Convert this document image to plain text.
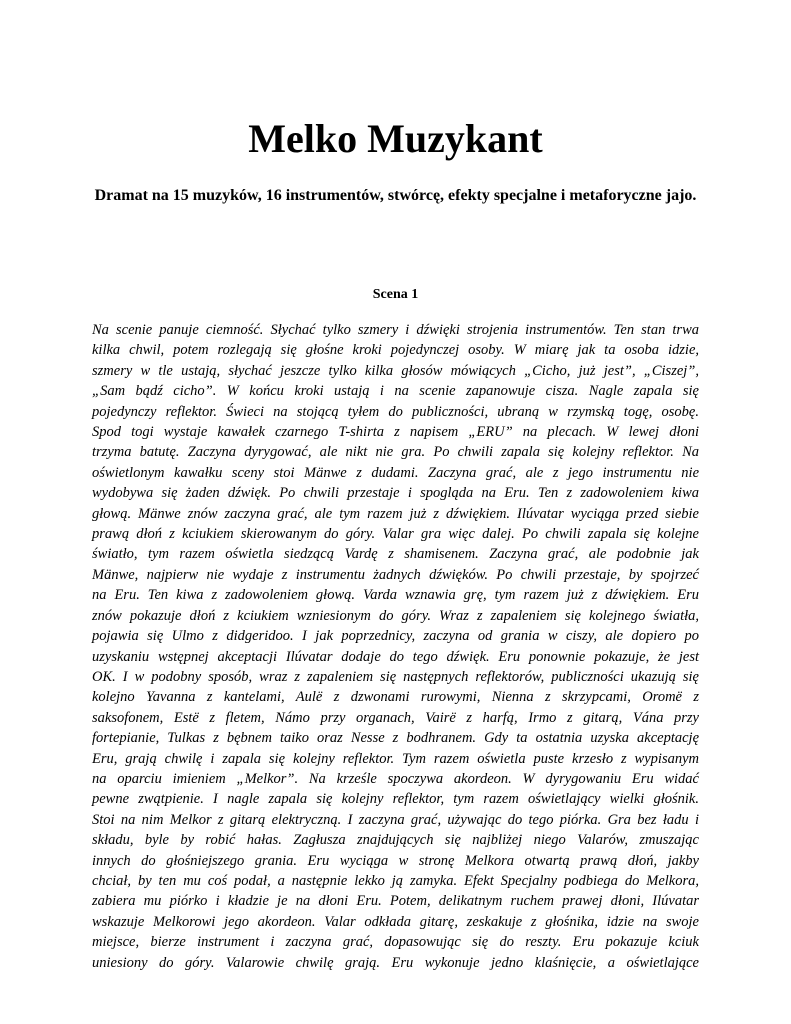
Melko Muzykant

Dramat na 15 muzyków, 16 instrumentów, stwórcę, efekty specjalne i metaforyczne jajo.

Scena 1

Na scenie panuje ciemność. Słychać tylko szmery i dźwięki strojenia instrumentów. Ten stan trwa
kilka chwil, potem rozlegają się głośne kroki pojedynczej osoby. W miarę jak ta osoba idzie,
szmery w tle ustają, słychać jeszcze tylko kilka głosów mówiących „Cicho, już jest”, „Ciszej”,
„Sam bądź cicho”. W końcu kroki ustają i na scenie zapanowuje cisza. Nagle zapala się
pojedynczy reflektor. Świeci na stojącą tyłem do publiczności, ubraną w rzymską togę, osobę.
Spod togi wystaje kawałek czarnego T-shirta z napisem „ERU” na plecach. W lewej dłoni
trzyma batutę. Zaczyna dyrygować, ale nikt nie gra. Po chwili zapala się kolejny reflektor. Na
oświetlonym kawałku sceny stoi Mänwe z dudami. Zaczyna grać, ale z jego instrumentu nie
wydobywa się żaden dźwięk. Po chwili przestaje i spogląda na Eru. Ten z zadowoleniem kiwa
głową. Mänwe znów zaczyna grać, ale tym razem już z dźwiękiem. Ilúvatar wyciąga przed siebie
prawą dłoń z kciukiem skierowanym do góry. Valar gra więc dalej. Po chwili zapala się kolejne
światło, tym razem oświetla siedzącą Vardę z shamisenem. Zaczyna grać, ale podobnie jak
Mänwe, najpierw nie wydaje z instrumentu żadnych dźwięków. Po chwili przestaje, by spojrzeć
na Eru. Ten kiwa z zadowoleniem głową. Varda wznawia grę, tym razem już z dźwiękiem. Eru
znów pokazuje dłoń z kciukiem wzniesionym do góry. Wraz z zapaleniem się kolejnego światła,
pojawia się Ulmo z didgeridoo. I jak poprzednicy, zaczyna od grania w ciszy, ale dopiero po
uzyskaniu wstępnej akceptacji Ilúvatar dodaje do tego dźwięk. Eru ponownie pokazuje, że jest
OK. I w podobny sposób, wraz z zapaleniem się następnych reflektorów, publiczności ukazują się
kolejno Yavanna z kantelami, Aulë z dzwonami rurowymi, Nienna z skrzypcami, Oromë z
saksofonem, Estë z fletem, Námo przy organach, Vairë z harfą, Irmo z gitarą, Vána przy
fortepianie, Tulkas z bębnem taiko oraz Nesse z bodhranem. Gdy ta ostatnia uzyska akceptację
Eru, grają chwilę i zapala się kolejny reflektor. Tym razem oświetla puste krzesło z wypisanym
na oparciu imieniem „Melkor”. Na krześle spoczywa akordeon. W dyrygowaniu Eru widać
pewne zwątpienie. I nagle zapala się kolejny reflektor, tym razem oświetlający wielki głośnik.
Stoi na nim Melkor z gitarą elektryczną. I zaczyna grać, używając do tego piórka. Gra bez ładu i
składu, byle by robić hałas. Zagłusza znajdujących się najbliżej niego Valarów, zmuszając
innych do głośniejszego grania. Eru wyciąga w stronę Melkora otwartą prawą dłoń, jakby
chciał, by ten mu coś podał, a następnie lekko ją zamyka. Efekt Specjalny podbiega do Melkora,
zabiera mu piórko i kładzie je na dłoni Eru. Potem, delikatnym ruchem prawej dłoni, Ilúvatar
wskazuje Melkorowi jego akordeon. Valar odkłada gitarę, zeskakuje z głośnika, idzie na swoje
miejsce, bierze instrument i zaczyna grać, dopasowując się do reszty. Eru pokazuje kciuk
uniesiony do góry. Valarowie chwilę grają. Eru wykonuje jedno klaśnięcie, a oświetlające
